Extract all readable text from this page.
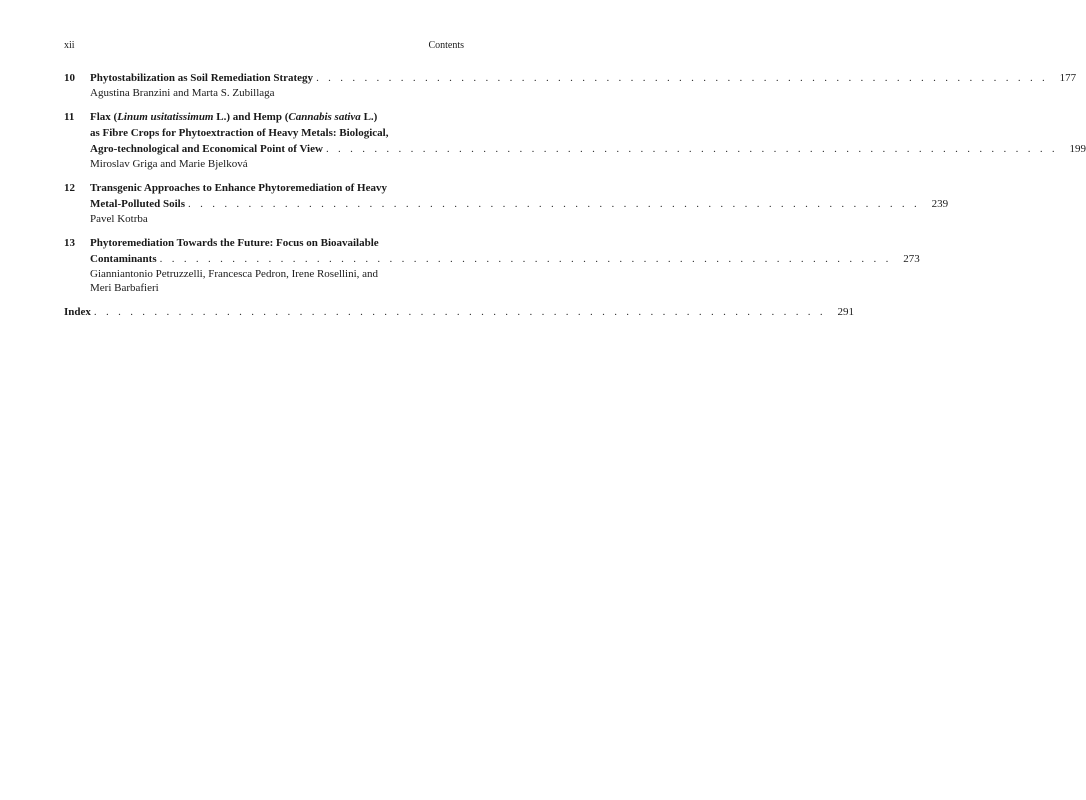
xii	Contents
10	Phytostabilization as Soil Remediation Strategy . . . . . . . . . . . . . . . . . . . . . . . . . . . . . . . . . . . . . . . . . . . . . . . . . . . . . . . . . . . . .	177
Agustina Branzini and Marta S. Zubillaga
11	Flax (Linum usitatissimum L.) and Hemp (Cannabis sativa L.)
as Fibre Crops for Phytoextraction of Heavy Metals: Biological,
Agro-technological and Economical Point of View . . . . . . . . . . . . . . . . . . . . . . . . . . . . . . . . . . . . . . . . . . . . . . . . . . . . . . . . . . . . .	199
Miroslav Griga and Marie Bjelková
12	Transgenic Approaches to Enhance Phytoremediation of Heavy
Metal-Polluted Soils . . . . . . . . . . . . . . . . . . . . . . . . . . . . . . . . . . . . . . . . . . . . . . . . . . . . . . . . . . . . .	239
Pavel Kotrba
13	Phytoremediation Towards the Future: Focus on Bioavailable
Contaminants . . . . . . . . . . . . . . . . . . . . . . . . . . . . . . . . . . . . . . . . . . . . . . . . . . . . . . . . . . . . .	273
Gianniantonio Petruzzelli, Francesca Pedron, Irene Rosellini, and
Meri Barbafieri
Index . . . . . . . . . . . . . . . . . . . . . . . . . . . . . . . . . . . . . . . . . . . . . . . . . . . . . . . . . . . . .	291
